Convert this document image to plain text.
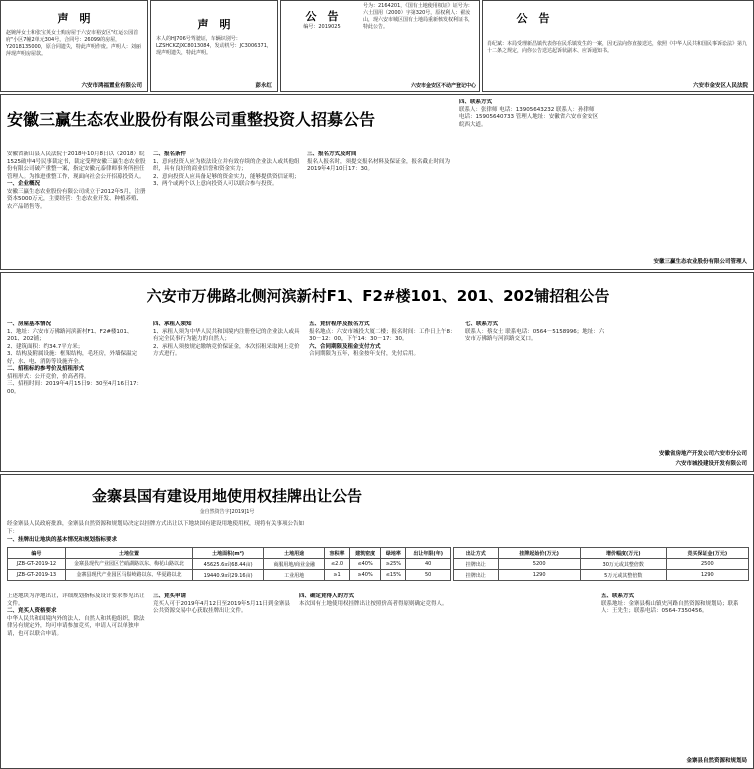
声　明
赵婉萍女士和张宝英女士购房屋于六安市裕安区"红运公园首府"小区7幢2单元304号，合同号：26099的房屋，Y2018135000，原合同遗失，特此声明作废。声明人：刘丽萍现声明房屋款。
六安市鸿福置业有限公司
声　明
本人的HJ706号驾驶证，车辆识别号：LZSHCKZJXC8013084，发动机号：JC3006371，现声明遗失，特此声明。
彭永红
公　告
编号：2019025
号为：2164201，《国有土地使用权证》证号为：六土国用（2000）字第320号，原权利人：翟汝山，现六安市城区国有土地局重新核发权利证书，特此公告。
六安市金安区不动产登记中心
公　告
肖纪斌：本局受理新昌镇代表你在民乐镇发生的一案，因无法向你直接送达，依照《中华人民共和国民事诉讼法》第九十二条之规定，向你公告送达起诉状副本、应诉通知书。
六安市金安区人民法院
安徽三赢生态农业股份有限公司重整投资人招募公告
安徽省新山县人民法院于2018年10月8日以（2018）皖1525破申4号民事裁定书，裁定受理安徽三赢生态农业股份有限公司破产重整一案，指定安徽元泰律师事务所担任管理人。为推进重整工作，现面向社会公开招募投资人。
一、企业概况
安徽三赢生态农业股份有限公司成立于2012年5月，注册资本5000万元，主要经营：生态农业开发、种植养殖、农产品销售等。
二、报名条件
1、意向投资人应为依法设立并有效存续的企业法人或其他组织，具有良好的商业信誉和资金实力；
2、意向投资人应具备足够的资金实力，能够提供资信证明；
3、两个或两个以上意向投资人可以联合参与投资。
三、报名方式及时间
报名人报名时，须提交报名材料及保证金，报名截止时间为2019年4月10日17：30。
四、联系方式
联系人：张律师 电话：13905643232 联系人：孙律师 电话：15905640733 管理人地址：安徽省六安市金安区皖西大道。
安徽三赢生态农业股份有限公司管理人
六安市万佛路北侧河滨新村F1、F2#楼101、201、202铺招租公告
一、房屋基本情况
1、地址：六安市万佛路河滨新村F1、F2#楼101、201、202铺；
2、建筑面积：约34.7平方米；
3、结构及附属设施：框架结构，毛坯房，外墙保温完好，水、电、消防等设施齐全。
二、招租标的参考价及招租形式
招租形式：公开竞价，价高者得。
三、招租时间：2019年4月15日9：30至4月16日17：00。
四、承租人须知
1、承租人须为中华人民共和国境内注册登记的企业法人或具有完全民事行为能力的自然人；
2、承租人须按规定缴纳竞价保证金，本次招租采取网上竞价方式进行。
五、竞价程序及报名方式
报名地点：六安市城投大厦二楼；报名时间：工作日上午8：30－12：00，下午14：30－17：30。
六、合同期限及租金支付方式
合同期限为五年，租金按年支付，先付后用。
七、联系方式
联系人：蔡女士 联系电话：0564－5158996；地址：六安市万佛路与河滨路交叉口。
安徽省房地产开发公司六安市分公司
六安市城投建设开发有限公司
金寨县国有建设用地使用权挂牌出让公告
金自然资告字[2019]1号
经金寨县人民政府批准，金寨县自然资源和规划局决定以挂牌方式出让以下地块国有建设用地使用权，现将有关事项公告如下：
一、挂牌出让地块的基本情况和规划指标要求
编号	土地位置	土地面积(m²)	土地用途	容积率	建筑密度	绿地率	出让年限(年)
JZB-GT-2019-12	金寨县现代产业园区芒硝湖路以东、梅花山路以北	45625.6㎡(68.44亩)	商服用地/商业金融	≤2.0	≤40%	≥25%	40
JZB-GT-2019-13	金寨县现代产业园区马鬃岭路以东、华夏路以北	19440.9㎡(29.16亩)	工业用地	≥1	≥40%	≤15%	50
出让方式	挂牌起始价(万元)	增价幅度(万元)	竞买保证金(万元)
挂牌出让	5200	30万元或其整倍数	2500
挂牌出让	1290	5万元或其整倍数	1290
上述地块为净地出让，详细规划指标及设计要求参见出让文件。
二、竞买人资格要求
中华人民共和国境内外的法人、自然人和其他组织，除法律另有规定外，均可申请参加竞买，申请人可以单独申请，也可以联合申请。
三、竞买申请
竞买人可于2019年4月12日至2019年5月11日到金寨县公共资源交易中心获取挂牌出让文件。
四、确定竞得人的方式
本次国有土地使用权挂牌出让按照价高者得原则确定竞得人。
五、联系方式
联系地址：金寨县梅山镇史河路自然资源和规划局；联系人：王先生；联系电话：0564-7350456。
金寨县自然资源和规划局
